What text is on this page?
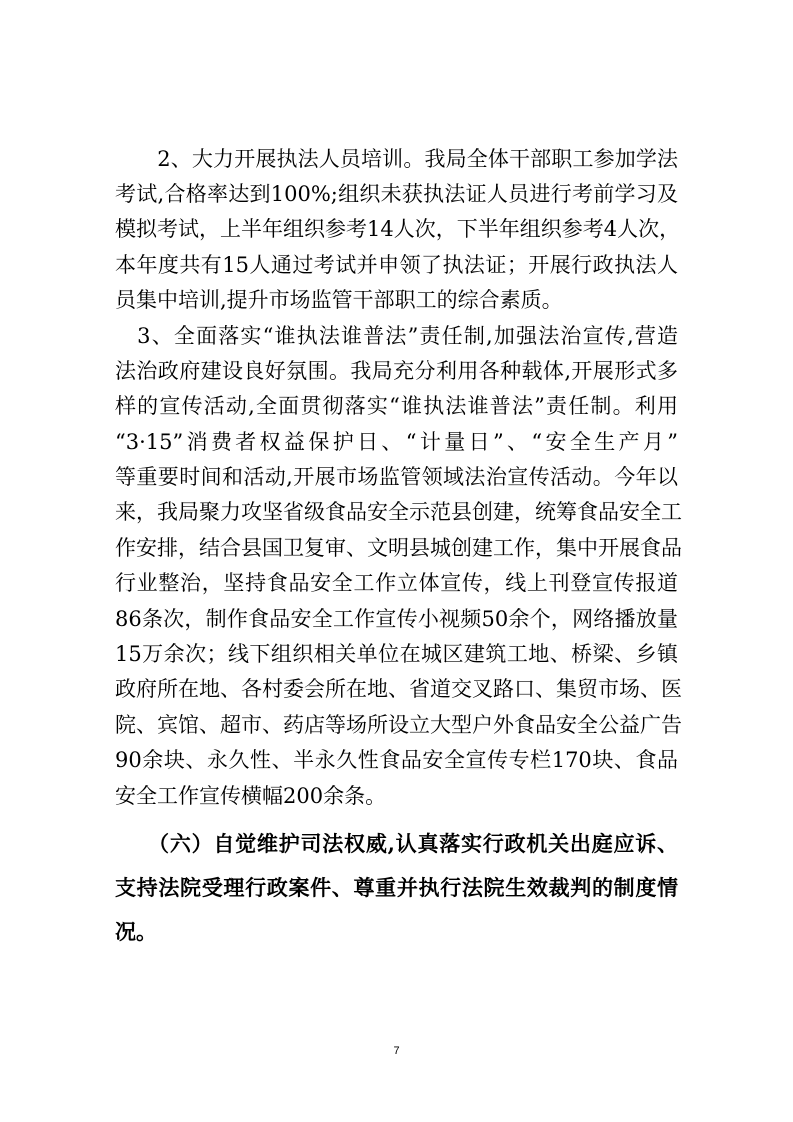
　　2、大力开展执法人员培训。我局全体干部职工参加学法
考试,合格率达到100%;组织未获执法证人员进行考前学习及
模拟考试，上半年组织参考14人次，下半年组织参考4人次，
本年度共有15人通过考试并申领了执法证；开展行政执法人
员集中培训,提升市场监管干部职工的综合素质。
　3、全面落实“谁执法谁普法”责任制,加强法治宣传,营造
法治政府建设良好氛围。我局充分利用各种载体,开展形式多
样的宣传活动,全面贯彻落实“谁执法谁普法”责任制。利用
“3·15”消费者权益保护日、“计量日”、“安全生产月”
等重要时间和活动,开展市场监管领域法治宣传活动。今年以
来，我局聚力攻坚省级食品安全示范县创建，统筹食品安全工
作安排，结合县国卫复审、文明县城创建工作，集中开展食品
行业整治，坚持食品安全工作立体宣传，线上刊登宣传报道
86条次，制作食品安全工作宣传小视频50余个，网络播放量
15万余次；线下组织相关单位在城区建筑工地、桥梁、乡镇
政府所在地、各村委会所在地、省道交叉路口、集贸市场、医
院、宾馆、超市、药店等场所设立大型户外食品安全公益广告
90余块、永久性、半永久性食品安全宣传专栏170块、食品
安全工作宣传横幅200余条。
　　（六）自觉维护司法权威,认真落实行政机关出庭应诉、
支持法院受理行政案件、尊重并执行法院生效裁判的制度情
况。
7
